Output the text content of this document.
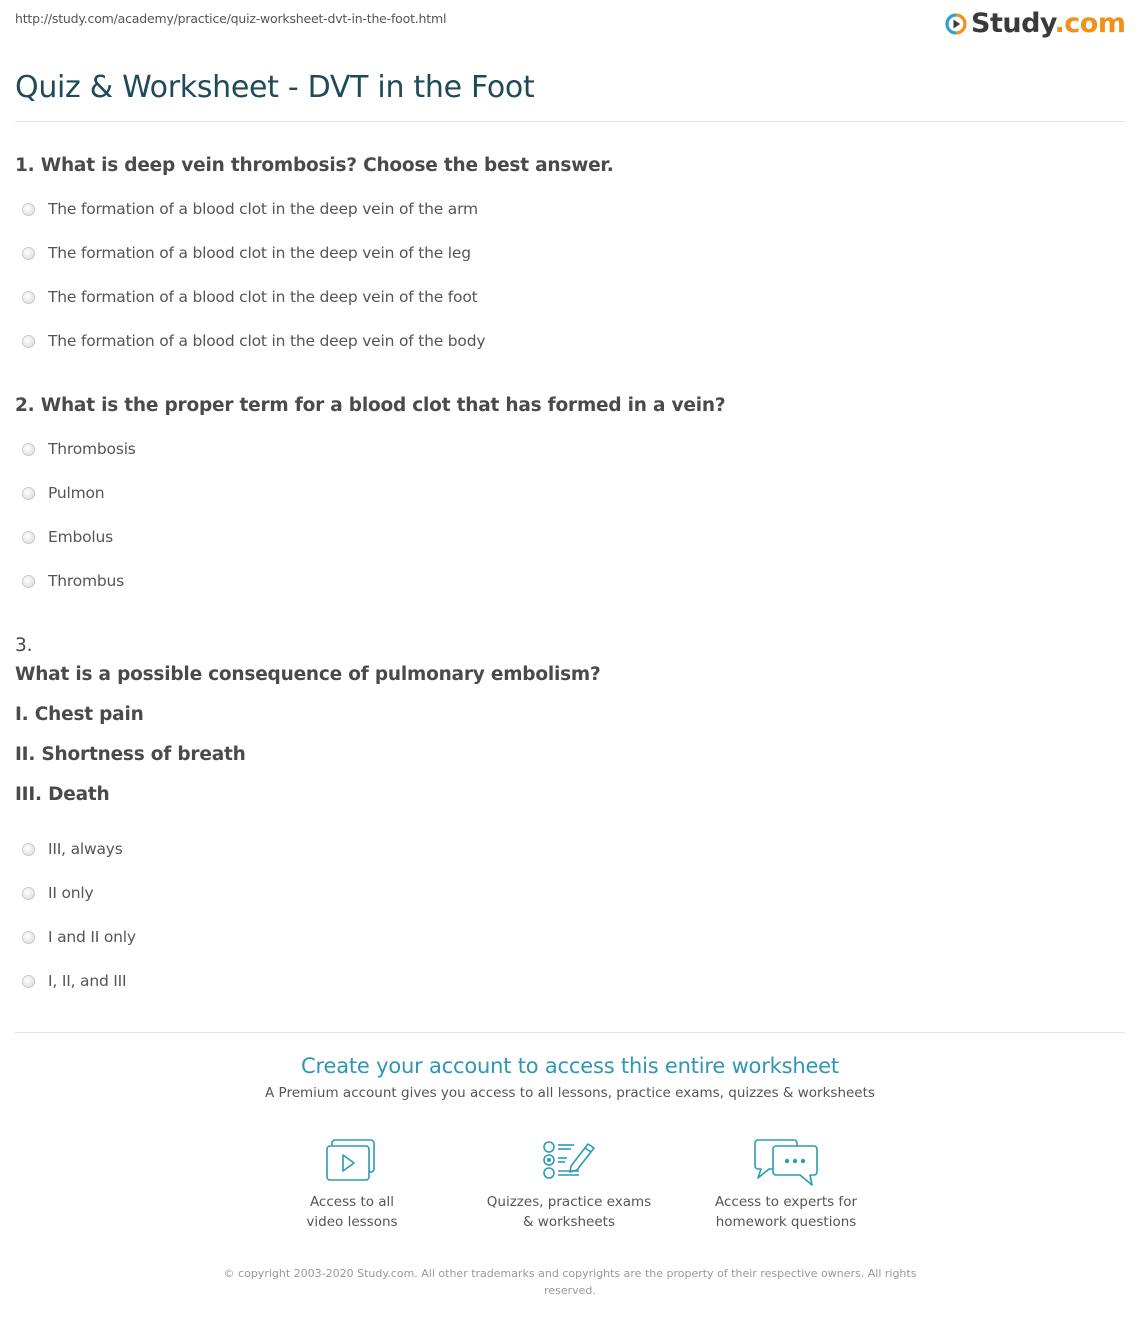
http://study.com/academy/practice/quiz-worksheet-dvt-in-the-foot.html	Study.com
Quiz & Worksheet - DVT in the Foot
1. What is deep vein thrombosis? Choose the best answer.
The formation of a blood clot in the deep vein of the arm
The formation of a blood clot in the deep vein of the leg
The formation of a blood clot in the deep vein of the foot
The formation of a blood clot in the deep vein of the body
2. What is the proper term for a blood clot that has formed in a vein?
Thrombosis
Pulmon
Embolus
Thrombus
3.
What is a possible consequence of pulmonary embolism?
I. Chest pain
II. Shortness of breath
III. Death
III, always
II only
I and II only
I, II, and III
Create your account to access this entire worksheet
A Premium account gives you access to all lessons, practice exams, quizzes & worksheets
Access to all
video lessons
Quizzes, practice exams
& worksheets
Access to experts for
homework questions
© copyright 2003-2020 Study.com. All other trademarks and copyrights are the property of their respective owners. All rights reserved.
